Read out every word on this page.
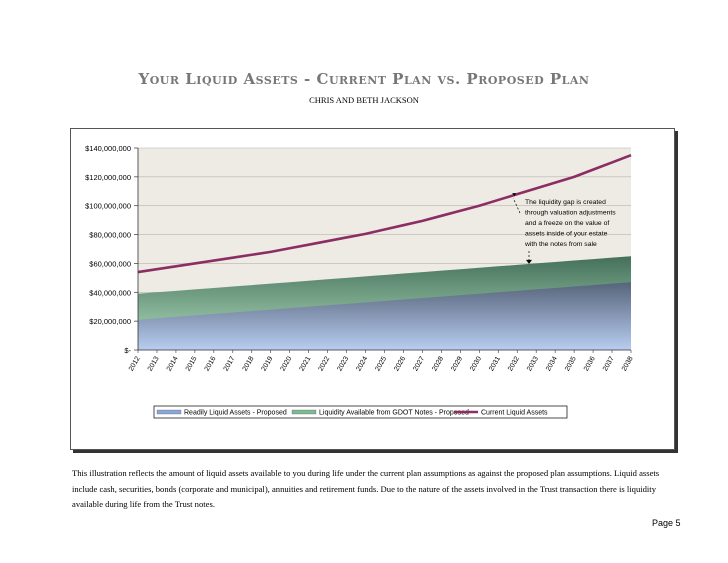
Your Liquid Assets - Current Plan vs. Proposed Plan
CHRIS AND BETH JACKSON
$-
$20,000,000
$40,000,000
$60,000,000
$80,000,000
$100,000,000
$120,000,000
$140,000,000
2012 2013 2014 2015 2016 2017 2018 2019 2020 2021 2022 2023 2024 2025 2026 2027 2028 2029 2030 2031 2032 2033 2034 2035 2036 2037 2038
The liquidity gap is created through valuation adjustments and a freeze on the value of assets inside of your estate with the notes from sale
Readily Liquid Assets - Proposed	Liquidity Available from GDOT Notes - Proposed Current Liquid Assets
This illustration reflects the amount of liquid assets available to you during life under the current plan assumptions as against the proposed plan assumptions. Liquid assets include cash, securities, bonds (corporate and municipal), annuities and retirement funds. Due to the nature of the assets involved in the Trust transaction there is liquidity available during life from the Trust notes.
Page 5
